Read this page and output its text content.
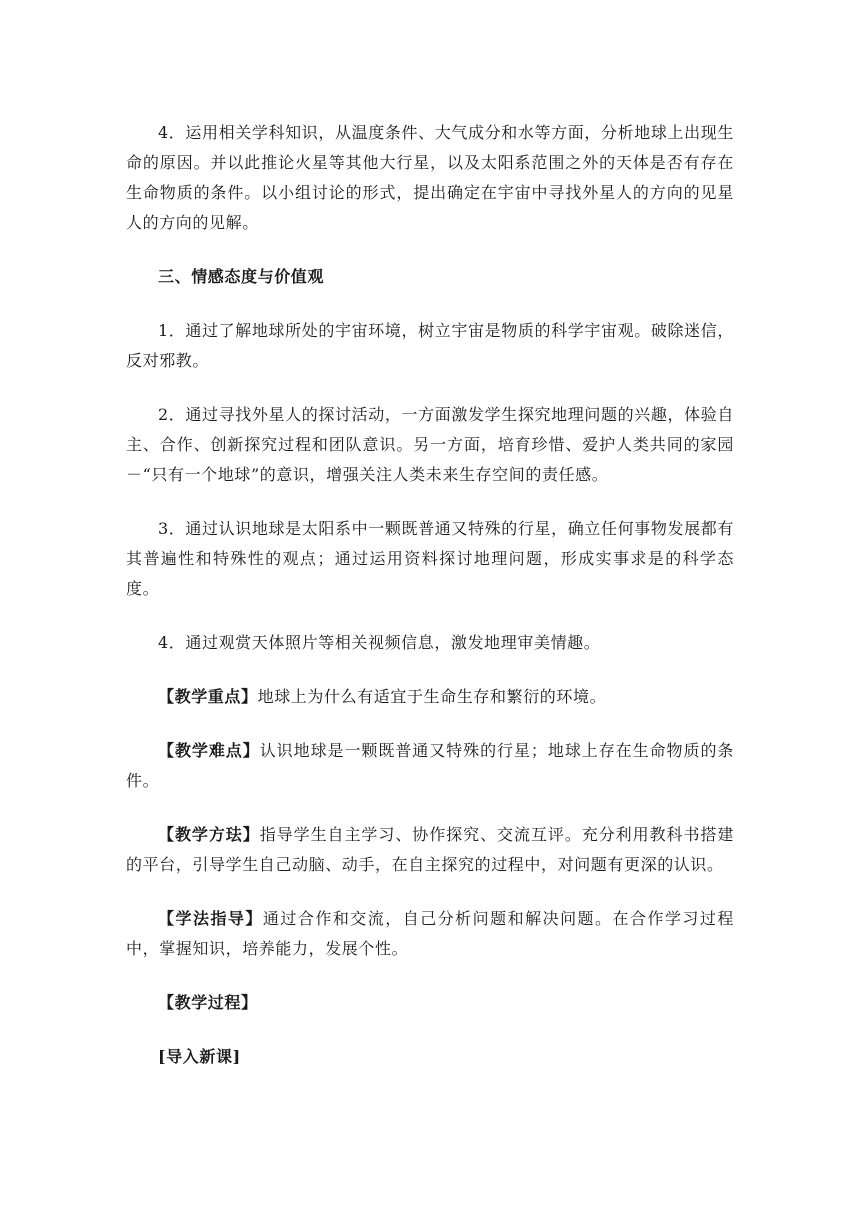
4．运用相关学科知识，从温度条件、大气成分和水等方面，分析地球上出现生命的原因。并以此推论火星等其他大行星，以及太阳系范围之外的天体是否有存在生命物质的条件。以小组讨论的形式，提出确定在宇宙中寻找外星人的方向的见星人的方向的见解。

三、情感态度与价值观

1．通过了解地球所处的宇宙环境，树立宇宙是物质的科学宇宙观。破除迷信，反对邪教。

2．通过寻找外星人的探讨活动，一方面激发学生探究地理问题的兴趣，体验自主、合作、创新探究过程和团队意识。另一方面，培育珍惜、爱护人类共同的家园－“只有一个地球”的意识，增强关注人类未来生存空间的责任感。

3．通过认识地球是太阳系中一颗既普通又特殊的行星，确立任何事物发展都有其普遍性和特殊性的观点；通过运用资料探讨地理问题，形成实事求是的科学态度。

4．通过观赏天体照片等相关视频信息，激发地理审美情趣。

【教学重点】地球上为什么有适宜于生命生存和繁衍的环境。

【教学难点】认识地球是一颗既普通又特殊的行星；地球上存在生命物质的条件。

【教学方珐】指导学生自主学习、协作探究、交流互评。充分利用教科书搭建的平台，引导学生自己动脑、动手，在自主探究的过程中，对问题有更深的认识。

【学法指导】通过合作和交流，自己分析问题和解决问题。在合作学习过程中，掌握知识，培养能力，发展个性。

【教学过程】

[导入新课]
